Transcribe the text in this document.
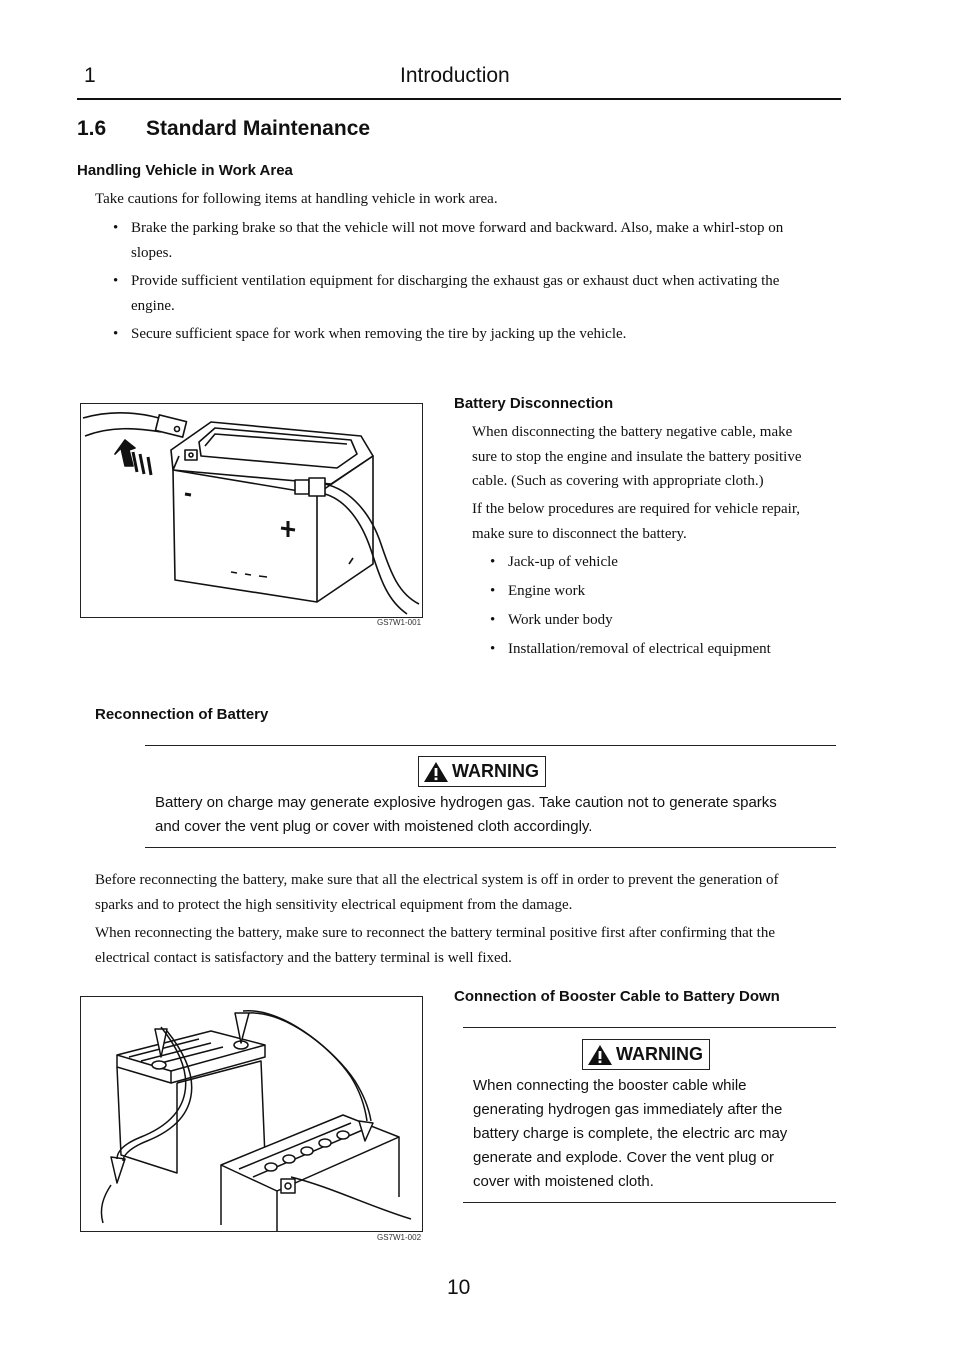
1	Introduction
1.6 Standard Maintenance
Handling Vehicle in Work Area
Take cautions for following items at handling vehicle in work area.
• Brake the parking brake so that the vehicle will not move forward and backward. Also, make a whirl-stop on
slopes.
• Provide sufficient ventilation equipment for discharging the exhaust gas or exhaust duct when activating the
engine.
• Secure sufficient space for work when removing the tire by jacking up the vehicle.
GS7W1-001
Battery Disconnection
When disconnecting the battery negative cable, make
sure to stop the engine and insulate the battery positive
cable. (Such as covering with appropriate cloth.)
If the below procedures are required for vehicle repair,
make sure to disconnect the battery.
• Jack-up of vehicle
• Engine work
• Work under body
• Installation/removal of electrical equipment
Reconnection of Battery
WARNING
Battery on charge may generate explosive hydrogen gas. Take caution not to generate sparks
and cover the vent plug or cover with moistened cloth accordingly.
Before reconnecting the battery, make sure that all the electrical system is off in order to prevent the generation of
sparks and to protect the high sensitivity electrical equipment from the damage.
When reconnecting the battery, make sure to reconnect the battery terminal positive first after confirming that the
electrical contact is satisfactory and the battery terminal is well fixed.
GS7W1-002
Connection of Booster Cable to Battery Down
WARNING
When connecting the booster cable while
generating hydrogen gas immediately after the
battery charge is complete, the electric arc may
generate and explode. Cover the vent plug or
cover with moistened cloth.
10
